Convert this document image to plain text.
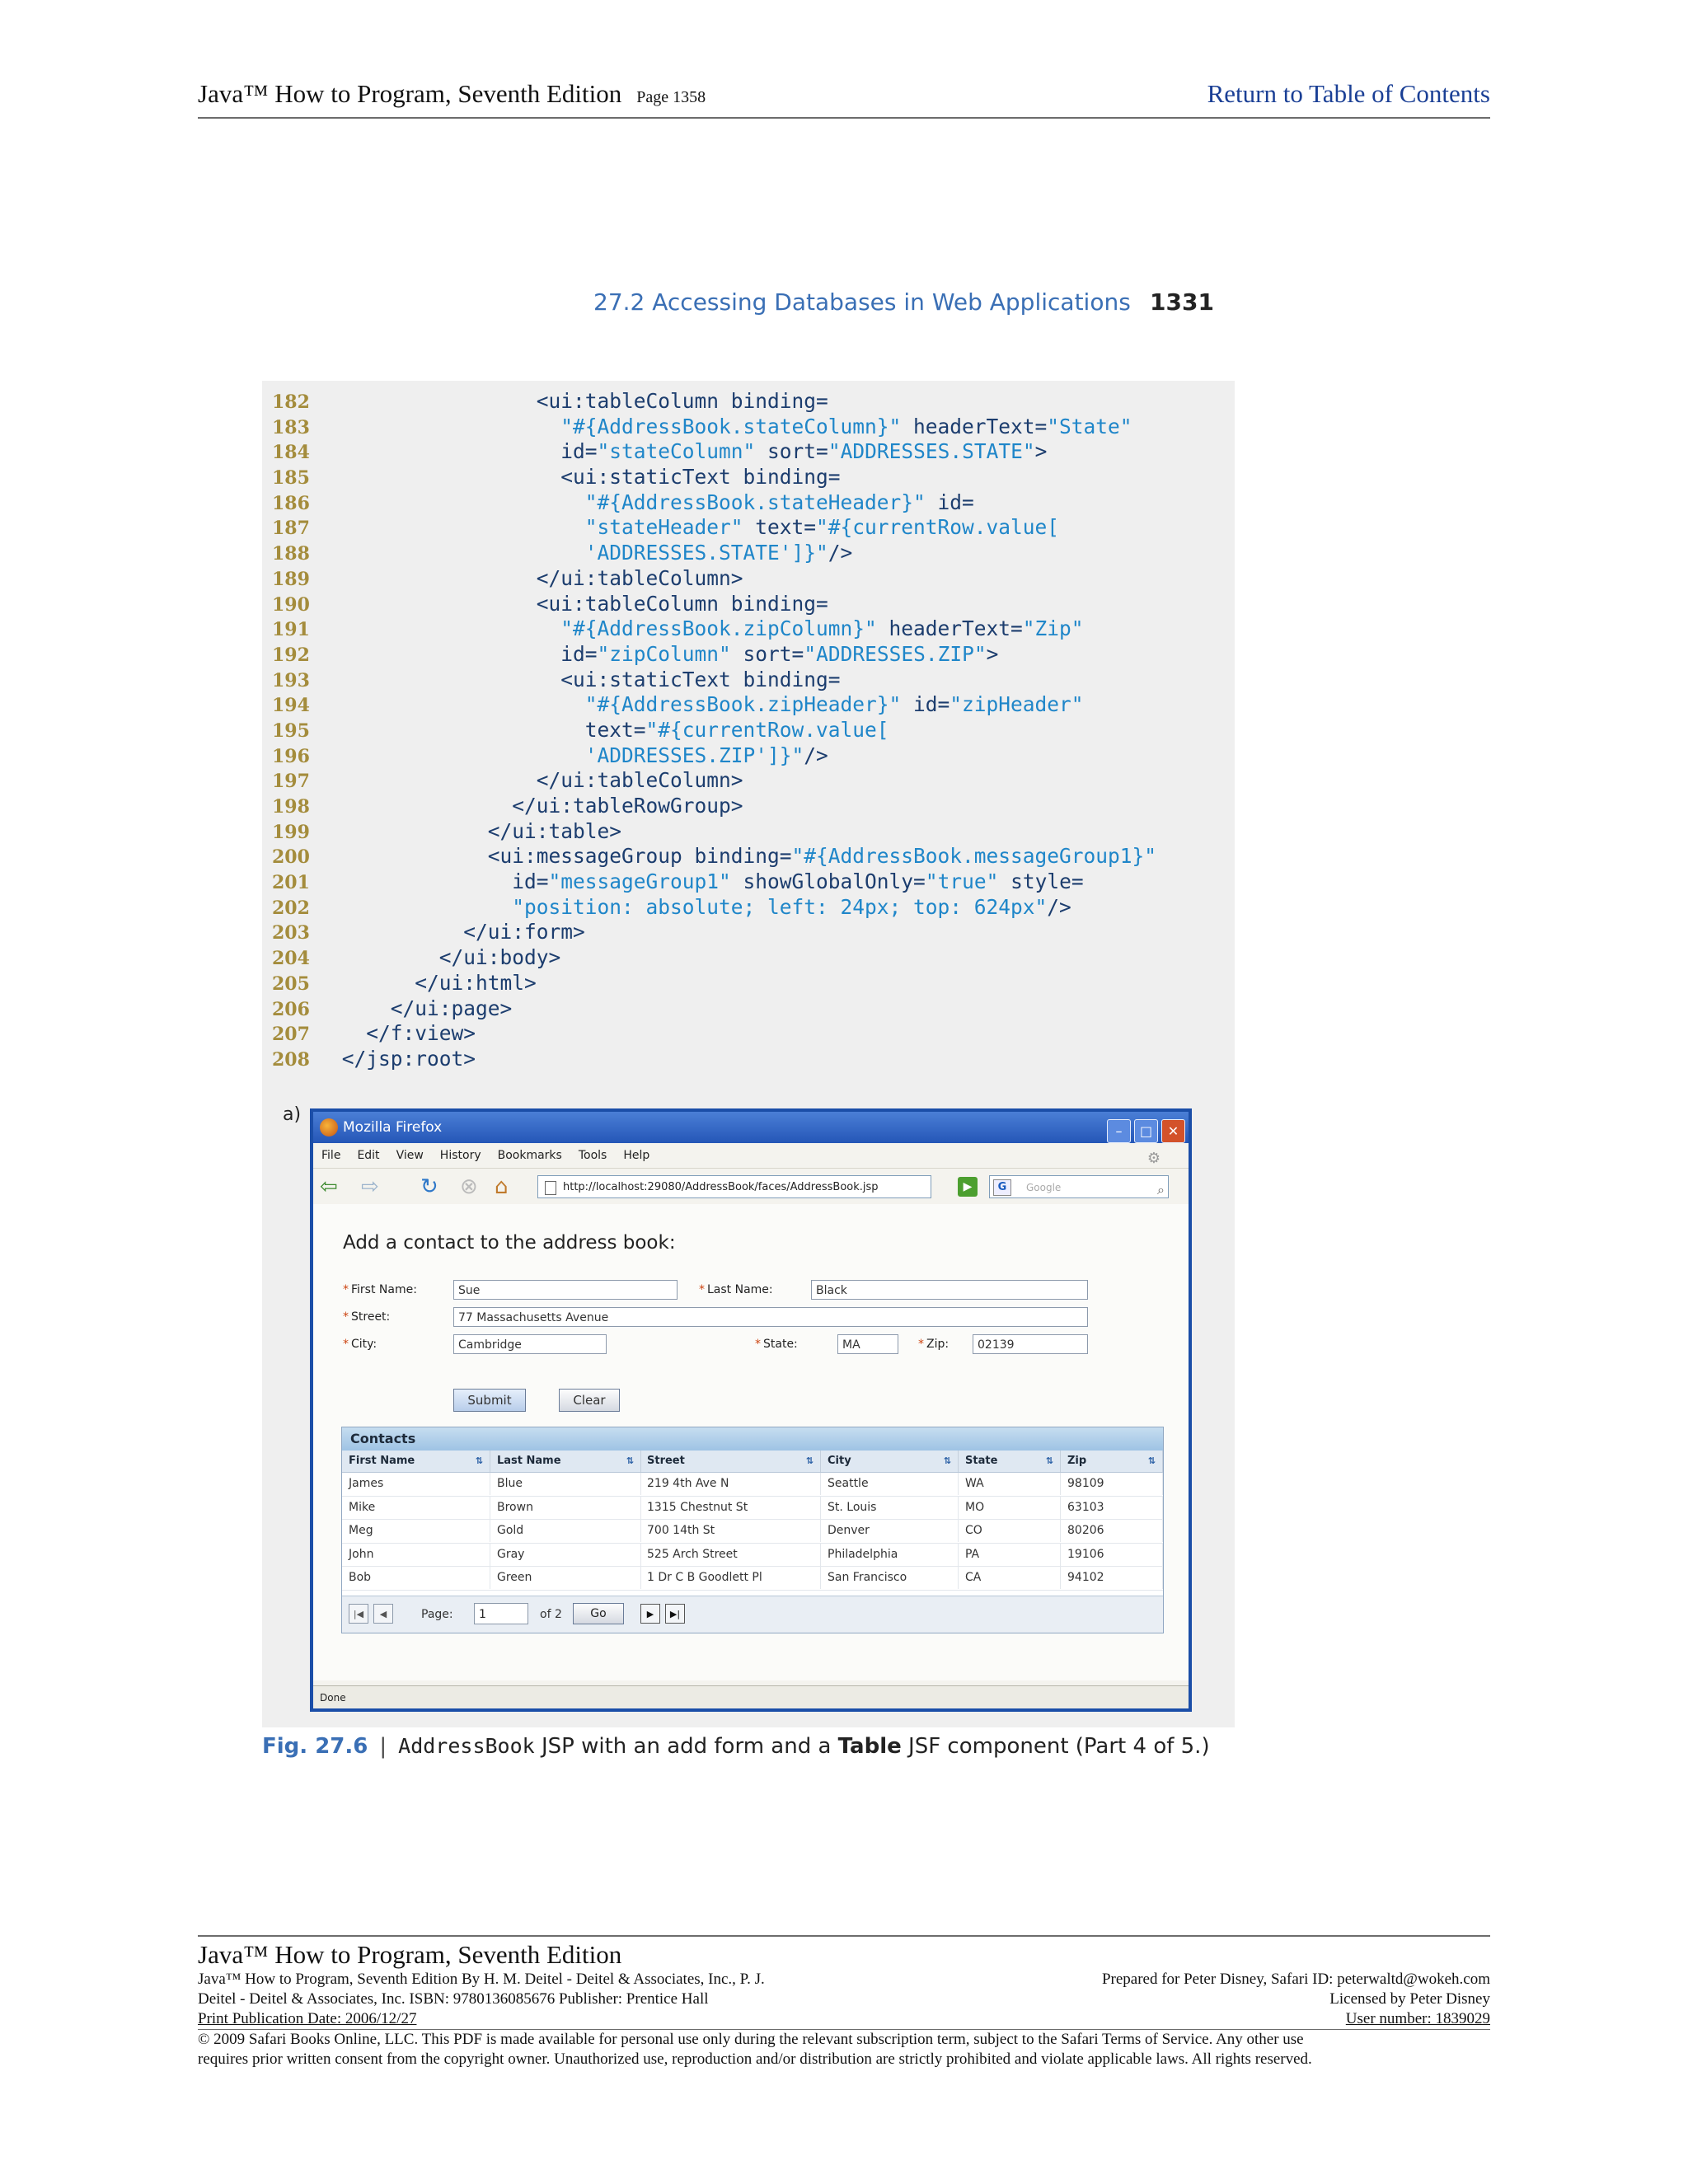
Java™ How to Program, Seventh Edition Page 1358	Return to Table of Contents
27.2 Accessing Databases in Web Applications 1331
182	<ui:tableColumn binding=
183	"#{AddressBook.stateColumn}" headerText="State"
184	id="stateColumn" sort="ADDRESSES.STATE">
185	<ui:staticText binding=
186	"#{AddressBook.stateHeader}" id=
187	"stateHeader" text="#{currentRow.value[
188	'ADDRESSES.STATE']}"/>
189	</ui:tableColumn>
190	<ui:tableColumn binding=
191	"#{AddressBook.zipColumn}" headerText="Zip"
192	id="zipColumn" sort="ADDRESSES.ZIP">
193	<ui:staticText binding=
194	"#{AddressBook.zipHeader}" id="zipHeader"
195	text="#{currentRow.value[
196	'ADDRESSES.ZIP']}"/>
197	</ui:tableColumn>
198	</ui:tableRowGroup>
199	</ui:table>
200	<ui:messageGroup binding="#{AddressBook.messageGroup1}"
201	id="messageGroup1" showGlobalOnly="true" style=
202	"position: absolute; left: 24px; top: 624px"/>
203	</ui:form>
204	</ui:body>
205	</ui:html>
206	</ui:page>
207	</f:view>
208 </jsp:root>
a)
Mozilla Firefox	– □ ✕
File Edit View History Bookmarks Tools Help	⚙
⇦ ⇨ ↻ ⊗ ⌂	http://localhost:29080/AddressBook/faces/AddressBook.jsp	▶	G	Google	⌕
Add a contact to the address book:
* First Name:	Sue	* Last Name:	Black
* Street:	77 Massachusetts Avenue
* City:	Cambridge	* State:	MA	* Zip:	02139
Submit	Clear
Contacts
First Name	⇅	Last Name	⇅	Street	⇅	City	⇅	State	⇅	Zip	⇅
James	Blue	219 4th Ave N	Seattle	WA	98109
Mike	Brown	1315 Chestnut St	St. Louis	MO	63103
Meg	Gold	700 14th St	Denver	CO	80206
John	Gray	525 Arch Street	Philadelphia	PA	19106
Bob	Green	1 Dr C B Goodlett Pl	San Francisco	CA	94102
|◀	◀	Page:	1	of 2	Go	▶	▶|
Done
Fig. 27.6 | AddressBook JSP with an add form and a Table JSF component (Part 4 of 5.)
Java™ How to Program, Seventh Edition
Java™ How to Program, Seventh Edition By H. M. Deitel - Deitel & Associates, Inc., P. J.	Prepared for Peter Disney, Safari ID: peterwaltd@wokeh.com
Deitel - Deitel & Associates, Inc. ISBN: 9780136085676 Publisher: Prentice Hall	Licensed by Peter Disney
Print Publication Date: 2006/12/27	User number: 1839029
© 2009 Safari Books Online, LLC. This PDF is made available for personal use only during the relevant subscription term, subject to the Safari Terms of Service. Any other use
requires prior written consent from the copyright owner. Unauthorized use, reproduction and/or distribution are strictly prohibited and violate applicable laws. All rights reserved.
